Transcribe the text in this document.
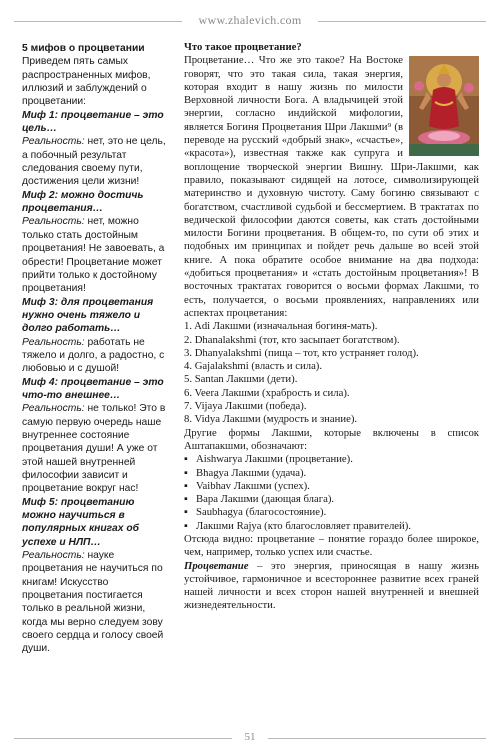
www.zhalevich.com

5 мифов о процветании

Приведем пять самых распространенных мифов, иллюзий и заблуждений о процветании:

Миф 1: процветание – это цель…

Реальность: нет, это не цель, а побочный результат следования своему пути, достижения цели жизни!

Миф 2: можно достичь процветания…

Реальность: нет, можно только стать достойным процветания! Не завоевать, а обрести! Процветание может прийти только к достойному процветания!

Миф 3: для процветания нужно очень тяжело и долго работать…

Реальность: работать не тяжело и долго, а радостно, с любовью и с душой!

Миф 4: процветание – это что-то внешнее…

Реальность: не только! Это в самую первую очередь наше внутреннее состояние процветания души! А уже от этой нашей внутренней философии зависит и процветание вокруг нас!

Миф 5: процветанию можно научиться в популярных книгах об успехе и НЛП…

Реальность: науке процветания не научиться по книгам! Искусство процветания постигается только в реальной жизни, когда мы верно следуем зову своего сердца и голосу своей души.

Что такое процветание?

Процветание… Что же это такое? На Востоке говорят, что это такая сила, такая энергия, которая входит в нашу жизнь по милости Верховной личности Бога. А владычицей этой энергии, согласно индийской мифологии, является Богиня Процветания Шри Лакшми⁹ (в переводе на русский «добрый знак», «счастье», «красота»), известная также как супруга и воплощение творческой энергии Вишну. Шри-Лакшми, как правило, показывают сидящей на лотосе, символизирующей материнство и духовную чистоту. Саму богиню связывают с богатством, счастливой судьбой и бессмертием. В трактатах по ведической философии даются советы, как стать достойными милости Богини процветания. В общем-то, по сути об этих и подобных им принципах и пойдет речь дальше во всей этой книге. А пока обратите особое внимание на два подхода: «добиться процветания» и «стать достойным процветания»! В восточных трактатах говорится о восьми формах Лакшми, то есть, получается, о восьми проявлениях, направлениях или аспектах процветания:

1. Adi Лакшми (изначальная богиня-мать).
2. Dhanalakshmi (тот, кто засыпает богатством).
3. Dhanyalakshmi (пища – тот, кто устраняет голод).
4. Gajalakshmi (власть и сила).
5. Santan Лакшми (дети).
6. Veera Лакшми (храбрость и сила).
7. Vijaya Лакшми (победа).
8. Vidya Лакшми (мудрость и знание).

Другие формы Лакшми, которые включены в список Аштапакшми, обозначают:

▪ Aishwarya Лакшми (процветание).
▪ Bhagya Лакшми (удача).
▪ Vaibhav Лакшми (успех).
▪ Вара Лакшми (дающая блага).
▪ Saubhagya (благосостояние).
▪ Лакшми Rajya (кто благословляет правителей).

Отсюда видно: процветание – понятие гораздо более широкое, чем, например, только успех или счастье.

Процветание – это энергия, приносящая в нашу жизнь устойчивое, гармоничное и всестороннее развитие всех граней нашей личности и всех сторон нашей внутренней и внешней жизнедеятельности.

51
